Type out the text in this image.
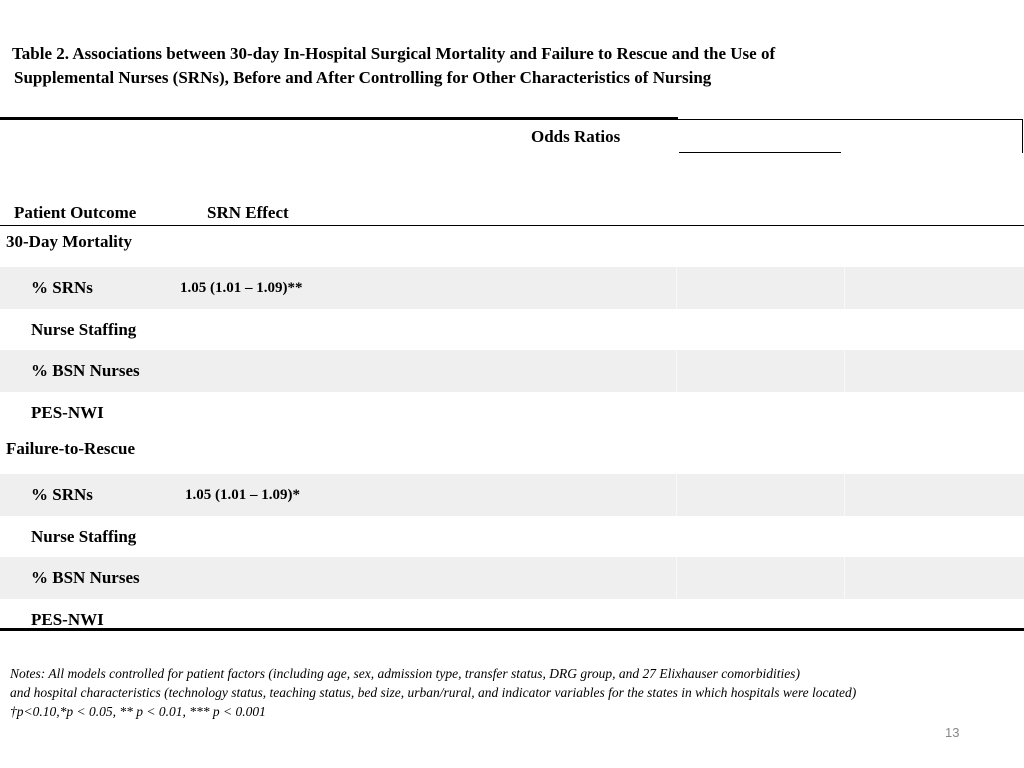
Table 2. Associations between 30-day In-Hospital Surgical Mortality and Failure to Rescue and the Use of
Supplemental Nurses (SRNs), Before and After Controlling for Other Characteristics of Nursing
Odds Ratios
Patient Outcome	SRN Effect
30-Day Mortality
% SRNs	1.05 (1.01 – 1.09)**
Nurse Staffing
% BSN Nurses
PES-NWI
Failure-to-Rescue
% SRNs	1.05 (1.01 – 1.09)*
Nurse Staffing
% BSN Nurses
PES-NWI
Notes: All models controlled for patient factors (including age, sex, admission type, transfer status, DRG group, and 27 Elixhauser comorbidities)
and hospital characteristics (technology status, teaching status, bed size, urban/rural, and indicator variables for the states in which hospitals were located)
†p<0.10,*p < 0.05, ** p < 0.01, *** p < 0.001
13
